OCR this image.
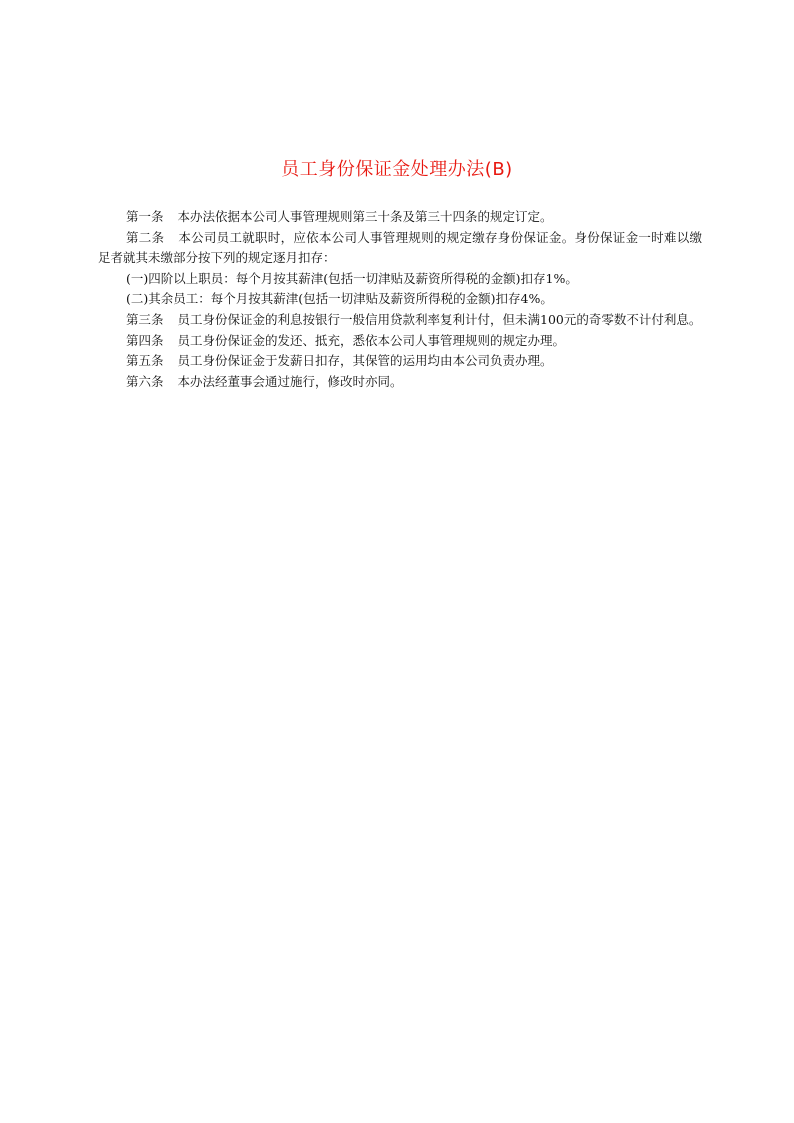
员工身份保证金处理办法(B)

第一条 本办法依据本公司人事管理规则第三十条及第三十四条的规定订定。

第二条 本公司员工就职时，应依本公司人事管理规则的规定缴存身份保证金。身份保证金一时难以缴足者就其未缴部分按下列的规定逐月扣存：

(一)四阶以上职员：每个月按其薪津(包括一切津贴及薪资所得税的金额)扣存1%。

(二)其余员工：每个月按其薪津(包括一切津贴及薪资所得税的金额)扣存4%。

第三条 员工身份保证金的利息按银行一般信用贷款利率复利计付，但未满100元的奇零数不计付利息。

第四条 员工身份保证金的发还、抵充，悉依本公司人事管理规则的规定办理。

第五条 员工身份保证金于发薪日扣存，其保管的运用均由本公司负责办理。

第六条 本办法经董事会通过施行，修改时亦同。
